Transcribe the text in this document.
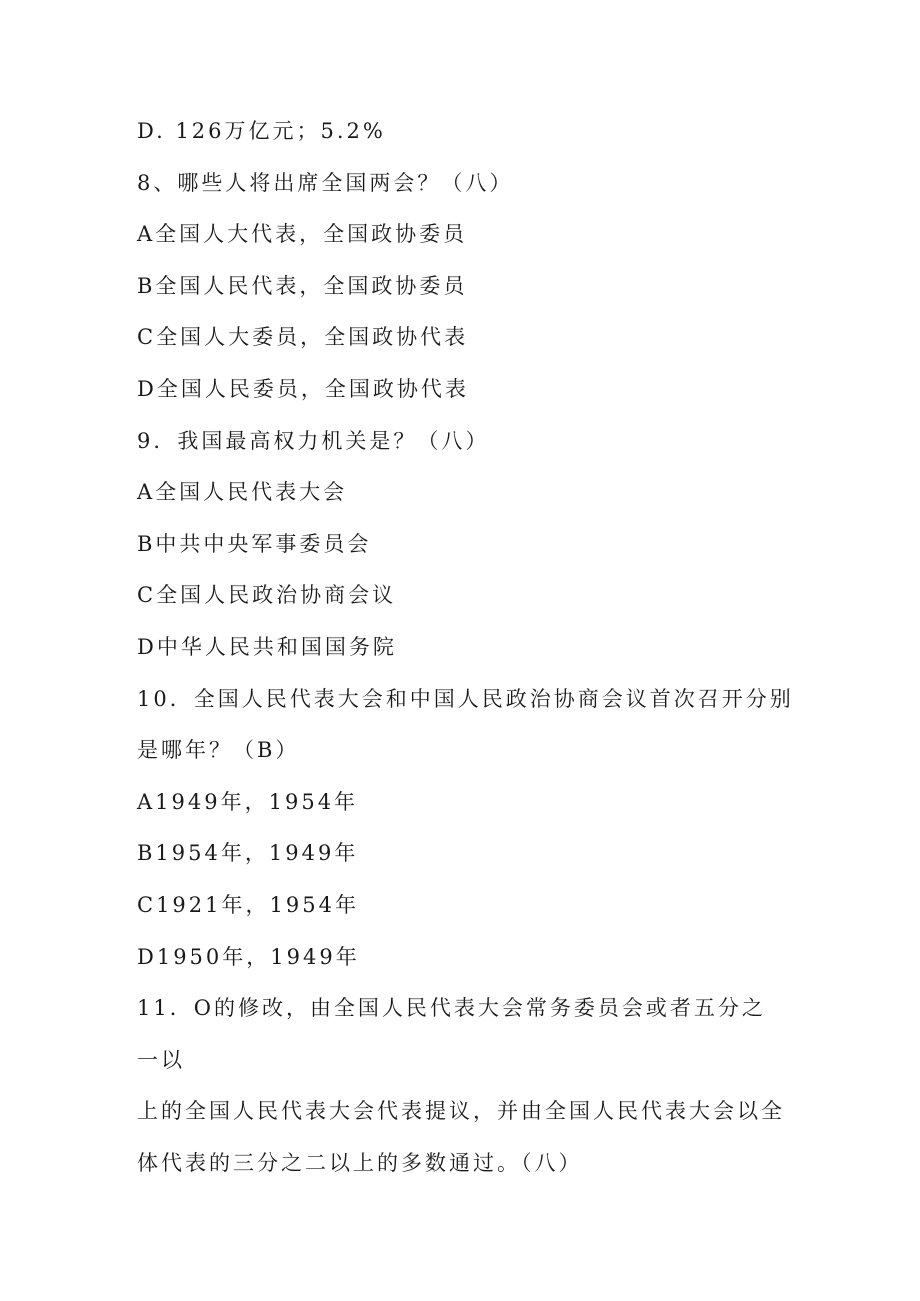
D. 126万亿元；5.2%
8、哪些人将出席全国两会？（八）
A全国人大代表，全国政协委员
B全国人民代表，全国政协委员
C全国人大委员，全国政协代表
D全国人民委员，全国政协代表
9．我国最高权力机关是？（八）
A全国人民代表大会
B中共中央军事委员会
C全国人民政治协商会议
D中华人民共和国国务院
10．全国人民代表大会和中国人民政治协商会议首次召开分别
是哪年？（B）
A1949年，1954年
B1954年，1949年
C1921年，1954年
D1950年，1949年
11．O的修改，由全国人民代表大会常务委员会或者五分之
一以
上的全国人民代表大会代表提议，并由全国人民代表大会以全
体代表的三分之二以上的多数通过。（八）
